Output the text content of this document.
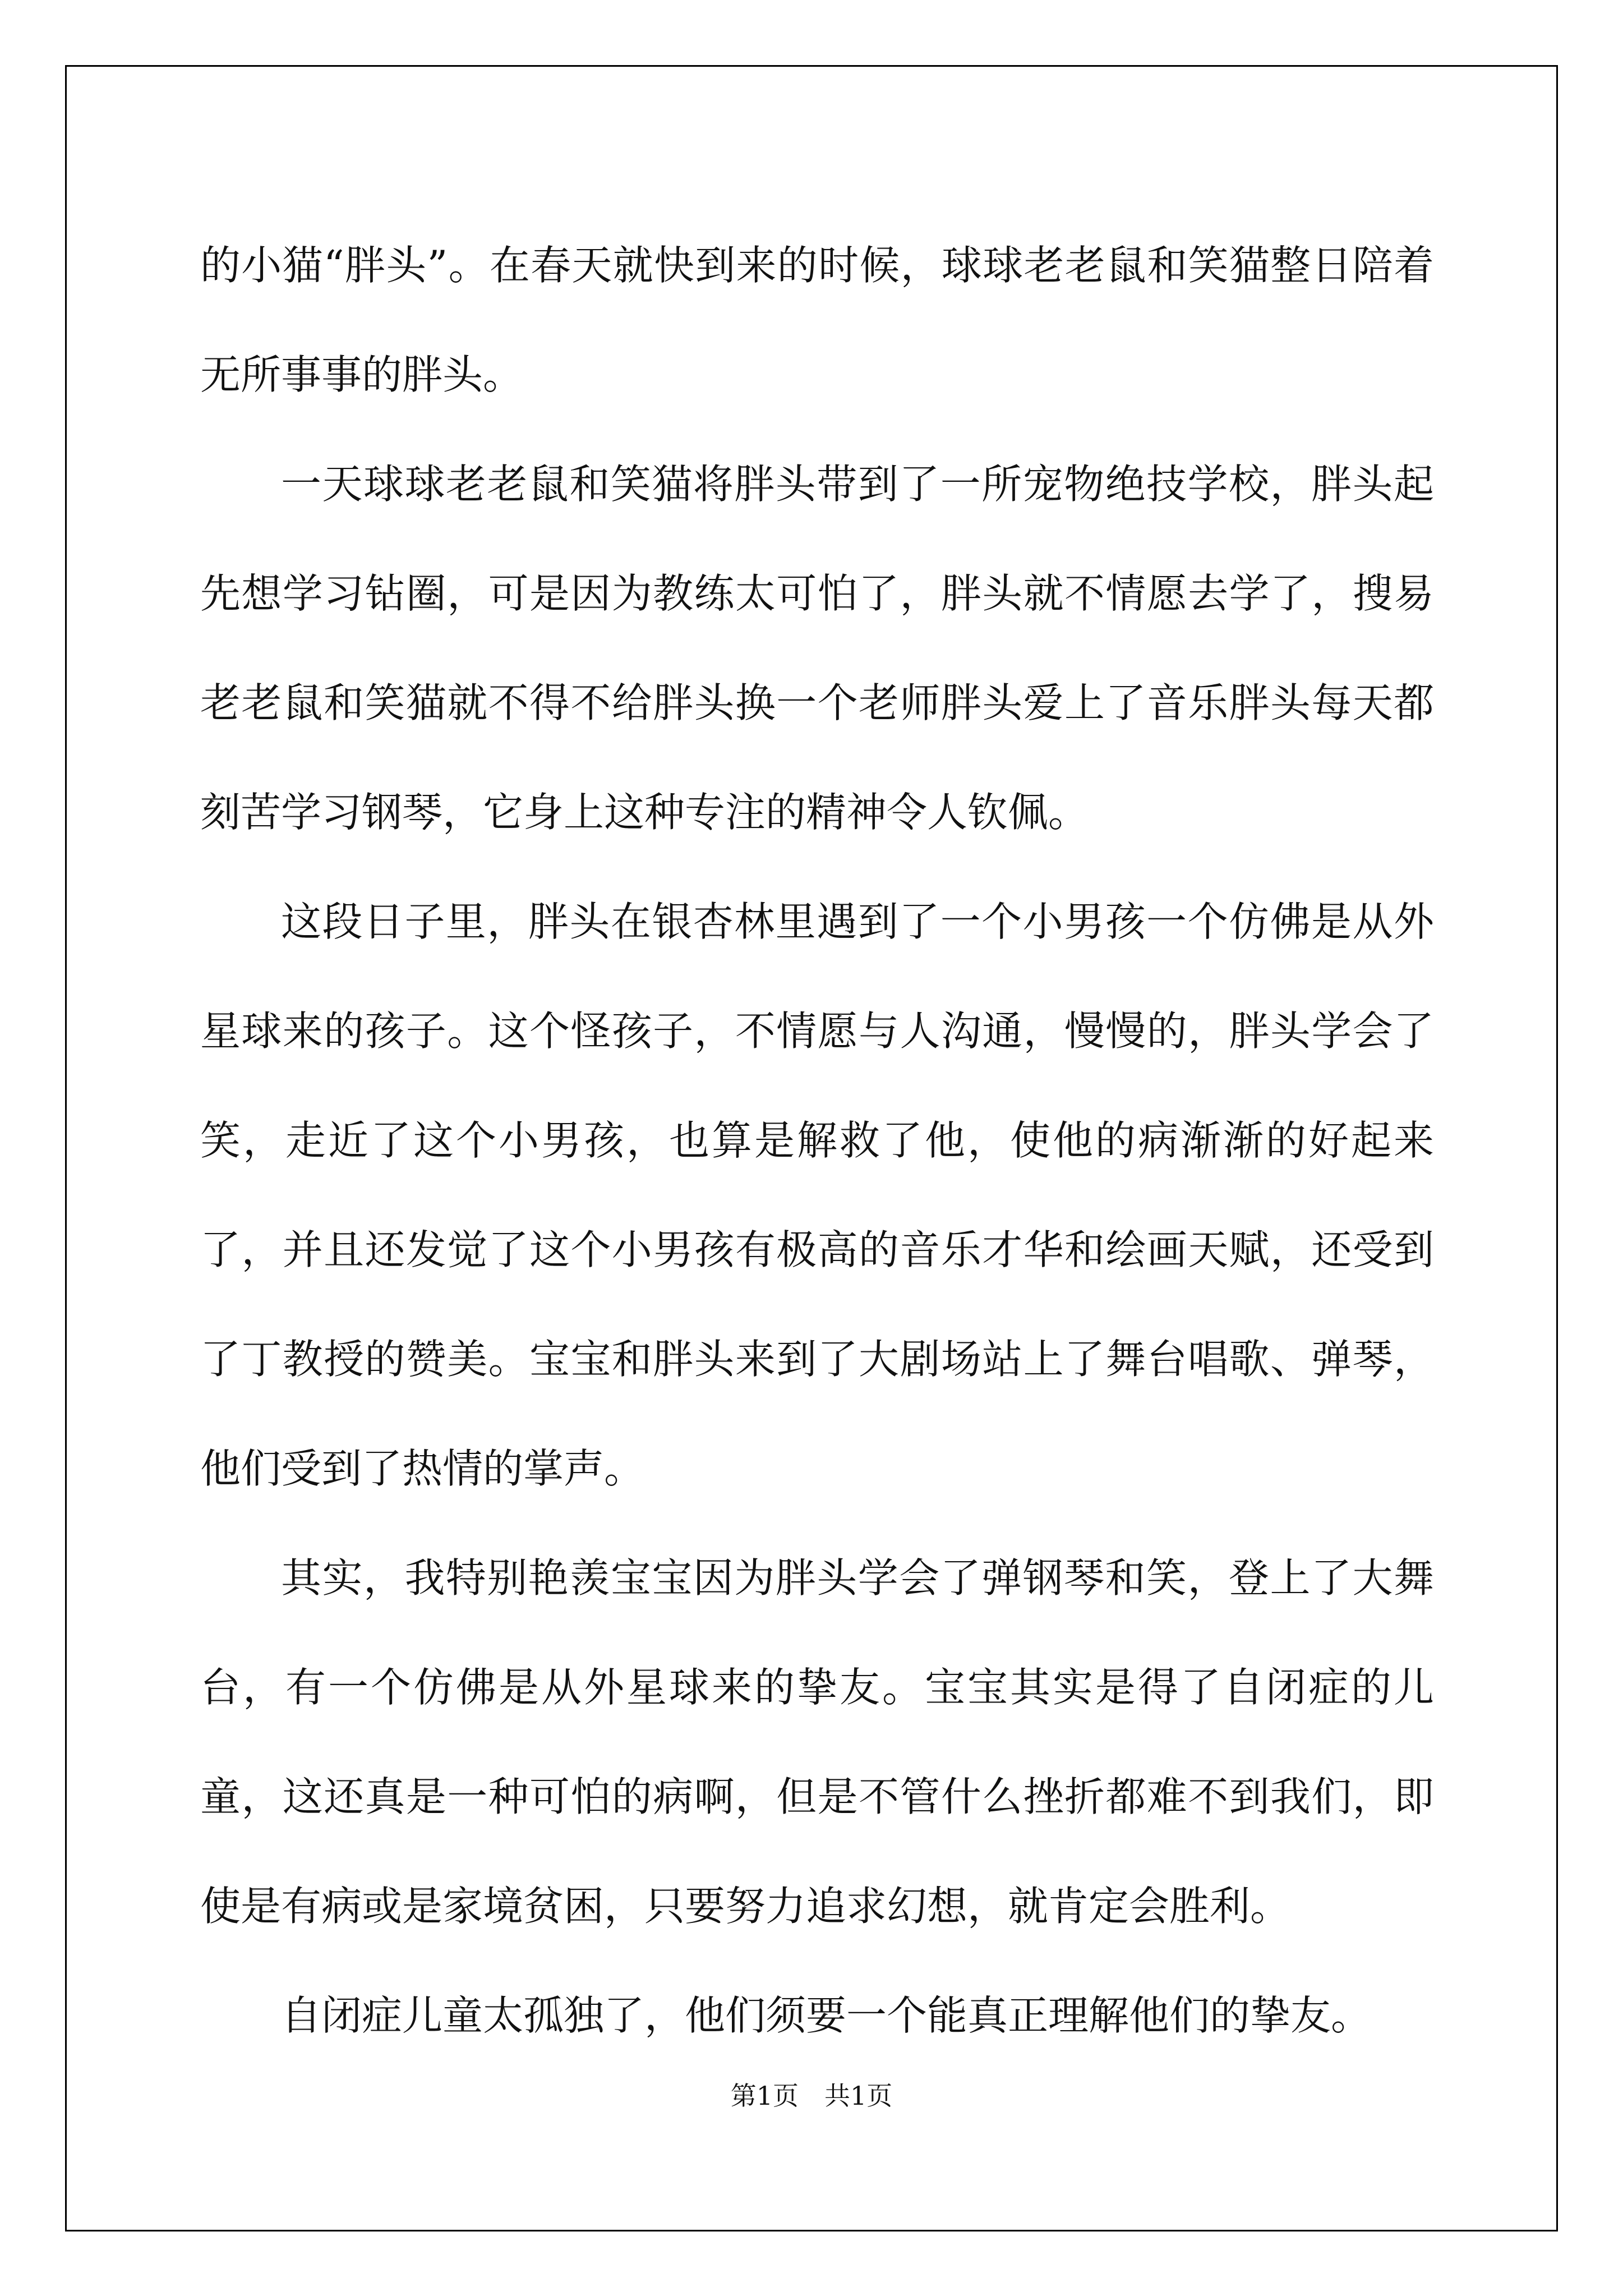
的小猫“胖头”。在春天就快到来的时候，球球老老鼠和笑猫整日陪着无所事事的胖头。

一天球球老老鼠和笑猫将胖头带到了一所宠物绝技学校，胖头起先想学习钻圈，可是因为教练太可怕了，胖头就不情愿去学了，搜易老老鼠和笑猫就不得不给胖头换一个老师胖头爱上了音乐胖头每天都刻苦学习钢琴，它身上这种专注的精神令人钦佩。

这段日子里，胖头在银杏林里遇到了一个小男孩一个仿佛是从外星球来的孩子。这个怪孩子，不情愿与人沟通，慢慢的，胖头学会了笑，走近了这个小男孩，也算是解救了他，使他的病渐渐的好起来了，并且还发觉了这个小男孩有极高的音乐才华和绘画天赋，还受到了丁教授的赞美。宝宝和胖头来到了大剧场站上了舞台唱歌、弹琴，他们受到了热情的掌声。

其实，我特别艳羡宝宝因为胖头学会了弹钢琴和笑，登上了大舞台，有一个仿佛是从外星球来的挚友。宝宝其实是得了自闭症的儿童，这还真是一种可怕的病啊，但是不管什么挫折都难不到我们，即使是有病或是家境贫困，只要努力追求幻想，就肯定会胜利。

自闭症儿童太孤独了，他们须要一个能真正理解他们的挚友。

第1页　共1页
